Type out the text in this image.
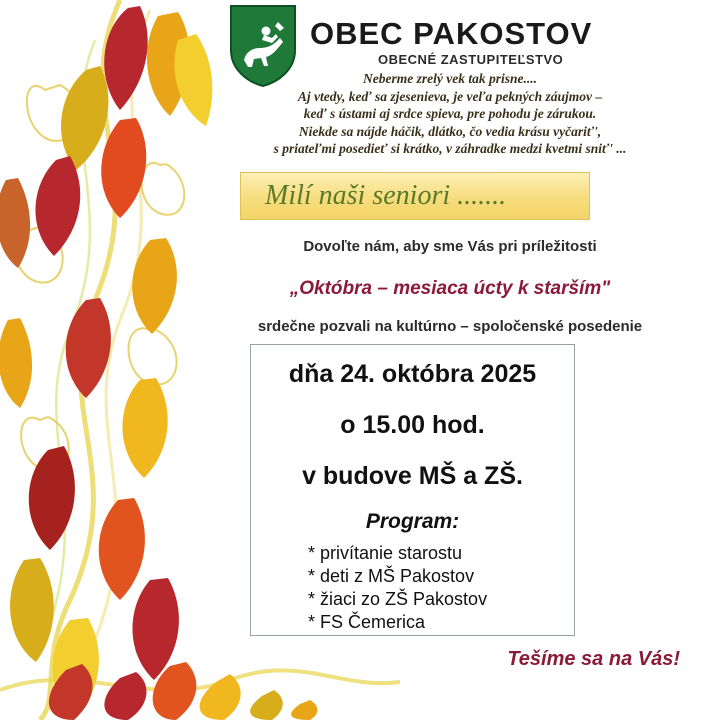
OBEC PAKOSTOV
OBECNÉ ZASTUPITEĽSTVO
Neberme zrelý vek tak prisne....
Aj vtedy, keď sa zjesenieva, je veľa pekných záujmov –
keď s ústami aj srdce spieva, pre pohodu je zárukou.
Niekde sa nájde háčik, dlátko, čo vedia krásu vyčariť',
s priateľmi posedieť si krátko, v záhradke medzi kvetmi sniť' ...
Milí naši seniori .......
Dovoľte nám, aby sme Vás pri príležitosti
„Októbra – mesiaca úcty k starším"
srdečne pozvali na kultúrno – spoločenské posedenie
dňa 24. októbra 2025
o 15.00 hod.
v budove MŠ a ZŠ.
Program:
* privítanie starostu
* deti z MŠ Pakostov
* žiaci zo ZŠ Pakostov
* FS Čemerica
Tešíme sa na Vás!
